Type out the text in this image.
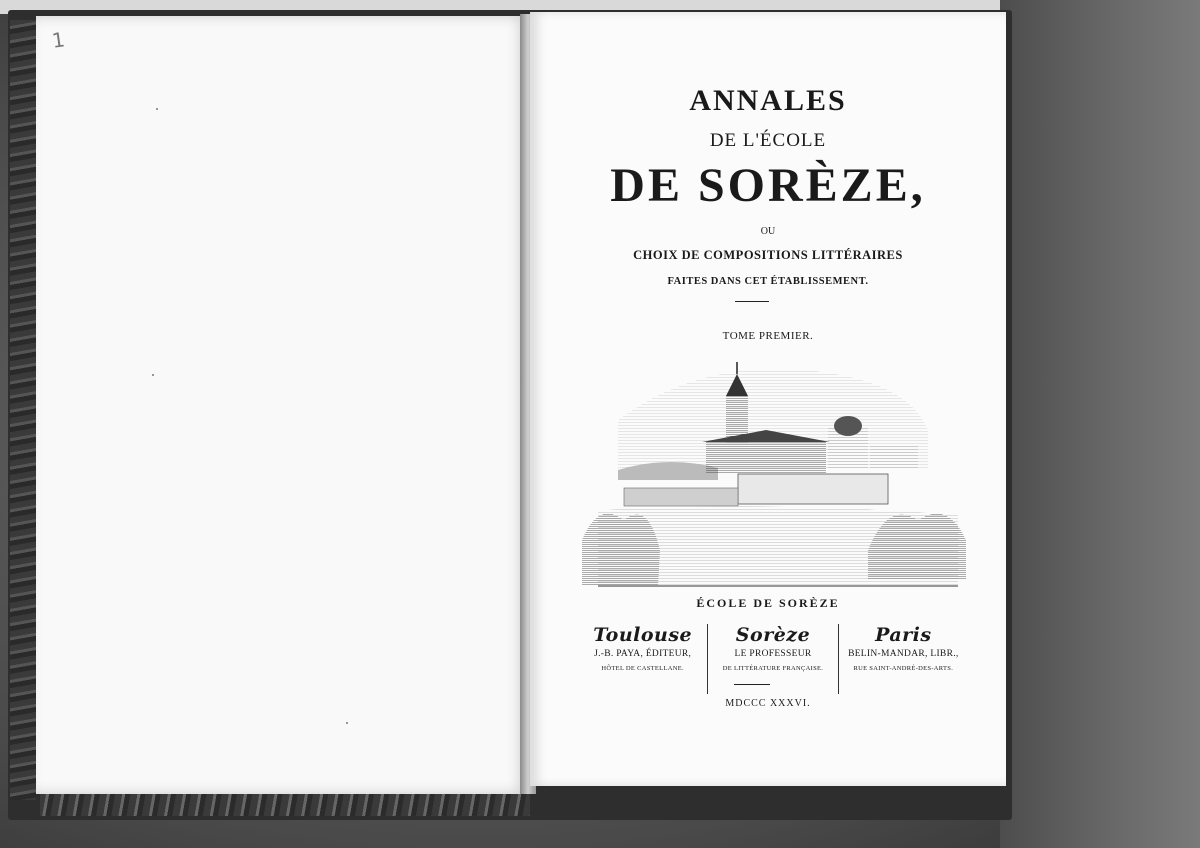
1
ANNALES
DE L'ÉCOLE
DE SORÈZE,
OU
CHOIX DE COMPOSITIONS LITTÉRAIRES
FAITES DANS CET ÉTABLISSEMENT.
TOME PREMIER.
ÉCOLE DE SORÈZE
Toulouse
J.-B. PAYA, ÉDITEUR,
HÔTEL DE CASTELLANE.
Sorèze
LE PROFESSEUR
DE LITTÉRATURE FRANÇAISE.
Paris
BELIN-MANDAR, LIBR.,
RUE SAINT-ANDRÉ-DES-ARTS.
MDCCC XXXVI.
